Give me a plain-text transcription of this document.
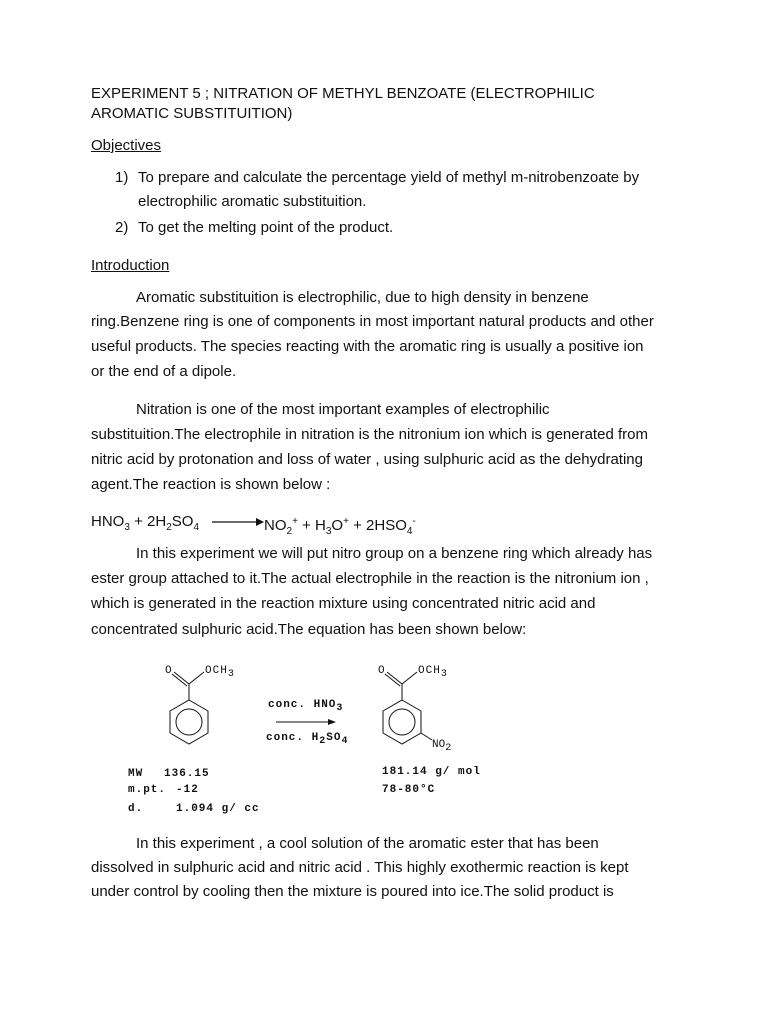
EXPERIMENT 5 ; NITRATION OF METHYL BENZOATE (ELECTROPHILIC
AROMATIC SUBSTITUITION)
Objectives
1) To prepare and calculate the percentage yield of methyl m-nitrobenzoate by
electrophilic aromatic substituition.
2) To get the melting point of the product.
Introduction
Aromatic substituition is electrophilic, due to high density in benzene
ring.Benzene ring is one of components in most important natural products and other
useful products. The species reacting with the aromatic ring is usually a positive ion
or the end of a dipole.
Nitration is one of the most important examples of electrophilic
substituition.The electrophile in nitration is the nitronium ion which is generated from
nitric acid by protonation and loss of water , using sulphuric acid as the dehydrating
agent.The reaction is shown below :
$HNO_3 + 2H_2SO_4$	$NO_2^+ + H_3O^+ + 2HSO_4^-$
In this experiment we will put nitro group on a benzene ring which already has
ester group attached to it.The actual electrophile in the reaction is the nitronium ion ,
which is generated in the reaction mixture using concentrated nitric acid and
concentrated sulphuric acid.The equation has been shown below:
O	$OCH_3$
conc. $HNO_3$
conc. $H_2SO_4$
O	$OCH_3$
$NO_2$
MW 136.15
m.pt. -12
d.	1.094 g/ cc
181.14 g/ mol
78-80°C
In this experiment , a cool solution of the aromatic ester that has been
dissolved in sulphuric acid and nitric acid . This highly exothermic reaction is kept
under control by cooling then the mixture is poured into ice.The solid product is
